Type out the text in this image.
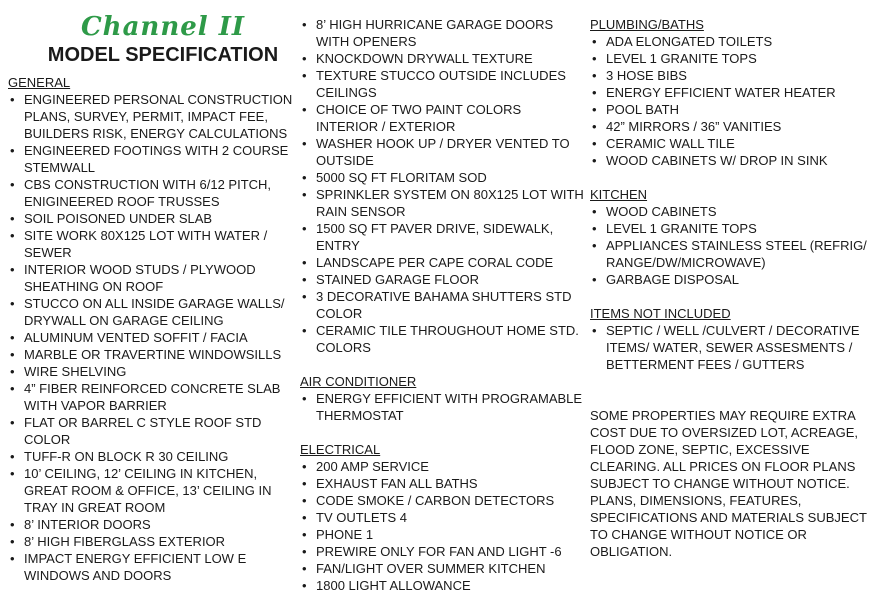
Channel II
MODEL SPECIFICATION
GENERAL
• ENGINEERED PERSONAL CONSTRUCTION PLANS, SURVEY, PERMIT, IMPACT FEE, BUILDERS RISK, ENERGY CALCULATIONS
• ENGINEERED FOOTINGS WITH 2 COURSE STEMWALL
• CBS CONSTRUCTION WITH 6/12 PITCH, ENIGINEERED ROOF TRUSSES
• SOIL POISONED UNDER SLAB
• SITE WORK 80X125 LOT WITH WATER / SEWER
• INTERIOR WOOD STUDS / PLYWOOD SHEATHING ON ROOF
• STUCCO ON ALL INSIDE GARAGE WALLS/ DRYWALL ON GARAGE CEILING
• ALUMINUM VENTED SOFFIT / FACIA
• MARBLE OR TRAVERTINE WINDOWSILLS
• WIRE SHELVING
• 4” FIBER REINFORCED CONCRETE SLAB WITH VAPOR BARRIER
• FLAT OR BARREL C STYLE ROOF STD COLOR
• TUFF-R ON BLOCK R 30 CEILING
• 10’ CEILING, 12’ CEILING IN KITCHEN, GREAT ROOM & OFFICE, 13’ CEILING IN TRAY IN GREAT ROOM
• 8’ INTERIOR DOORS
• 8’ HIGH FIBERGLASS EXTERIOR
• IMPACT ENERGY EFFICIENT LOW E WINDOWS AND DOORS
• 8’ HIGH HURRICANE GARAGE DOORS WITH OPENERS
• KNOCKDOWN DRYWALL TEXTURE
• TEXTURE STUCCO OUTSIDE INCLUDES CEILINGS
• CHOICE OF TWO PAINT COLORS INTERIOR / EXTERIOR
• WASHER HOOK UP / DRYER VENTED TO OUTSIDE
• 5000 SQ FT FLORITAM SOD
• SPRINKLER SYSTEM ON 80X125 LOT WITH RAIN SENSOR
• 1500 SQ FT PAVER DRIVE, SIDEWALK, ENTRY
• LANDSCAPE PER CAPE CORAL CODE
• STAINED GARAGE FLOOR
• 3 DECORATIVE BAHAMA SHUTTERS STD COLOR
• CERAMIC TILE THROUGHOUT HOME STD. COLORS
AIR CONDITIONER
• ENERGY EFFICIENT WITH PROGRAMABLE THERMOSTAT
ELECTRICAL
• 200 AMP SERVICE
• EXHAUST FAN ALL BATHS
• CODE SMOKE / CARBON DETECTORS
• TV OUTLETS 4
• PHONE 1
• PREWIRE ONLY FOR FAN AND LIGHT -6
• FAN/LIGHT OVER SUMMER KITCHEN
• 1800 LIGHT ALLOWANCE
PLUMBING/BATHS
• ADA ELONGATED TOILETS
• LEVEL 1 GRANITE TOPS
• 3 HOSE BIBS
• ENERGY EFFICIENT WATER HEATER
• POOL BATH
• 42” MIRRORS / 36” VANITIES
• CERAMIC WALL TILE
• WOOD CABINETS W/ DROP IN SINK
KITCHEN
• WOOD CABINETS
• LEVEL 1 GRANITE TOPS
• APPLIANCES STAINLESS STEEL (REFRIG/ RANGE/DW/MICROWAVE)
• GARBAGE DISPOSAL
ITEMS NOT INCLUDED
• SEPTIC / WELL /CULVERT / DECORATIVE ITEMS/ WATER, SEWER ASSESMENTS / BETTERMENT FEES / GUTTERS

SOME PROPERTIES MAY REQUIRE EXTRA COST DUE TO OVERSIZED LOT, ACREAGE, FLOOD ZONE, SEPTIC, EXCESSIVE CLEARING. ALL PRICES ON FLOOR PLANS SUBJECT TO CHANGE WITHOUT NOTICE. PLANS, DIMENSIONS, FEATURES, SPECIFICATIONS AND MATERIALS SUBJECT TO CHANGE WITHOUT NOTICE OR OBLIGATION.
